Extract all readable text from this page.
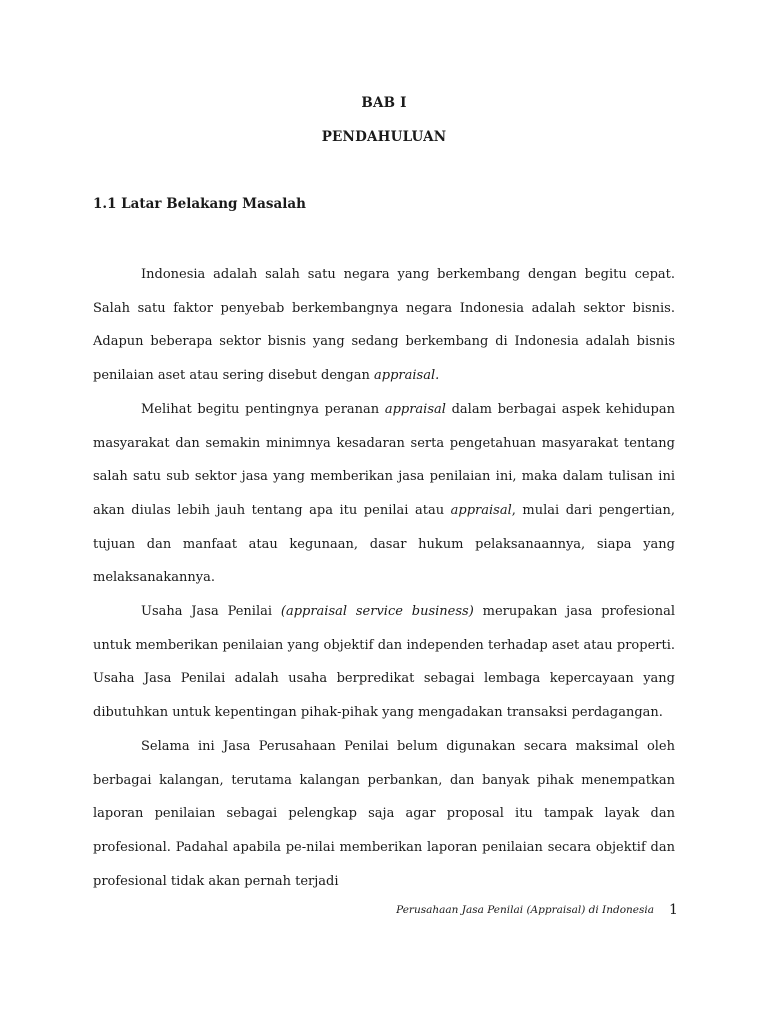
BAB I
PENDAHULUAN
1.1 Latar Belakang Masalah

Indonesia adalah salah satu negara yang berkembang dengan begitu cepat. Salah satu faktor penyebab berkembangnya negara Indonesia adalah sektor bisnis. Adapun beberapa sektor bisnis yang sedang berkembang di Indonesia adalah bisnis penilaian aset atau sering disebut dengan appraisal.

Melihat begitu pentingnya peranan appraisal dalam berbagai aspek kehidupan masyarakat dan semakin minimnya kesadaran serta pengetahuan masyarakat tentang salah satu sub sektor jasa yang memberikan jasa penilaian ini, maka dalam tulisan ini akan diulas lebih jauh tentang apa itu penilai atau appraisal, mulai dari pengertian, tujuan dan manfaat atau kegunaan, dasar hukum pelaksanaannya, siapa yang melaksanakannya.

Usaha Jasa Penilai (appraisal service business) merupakan jasa profesional untuk memberikan penilaian yang objektif dan independen terhadap aset atau properti. Usaha Jasa Penilai adalah usaha berpredikat sebagai lembaga kepercayaan yang dibutuhkan untuk kepentingan pihak-pihak yang mengadakan transaksi perdagangan.

Selama ini Jasa Perusahaan Penilai belum digunakan secara maksimal oleh berbagai kalangan, terutama kalangan perbankan, dan banyak pihak menempatkan laporan penilaian sebagai pelengkap saja agar proposal itu tampak layak dan profesional. Padahal apabila pe-nilai memberikan laporan penilaian secara objektif dan profesional tidak akan pernah terjadi

Perusahaan Jasa Penilai (Appraisal) di Indonesia 1
